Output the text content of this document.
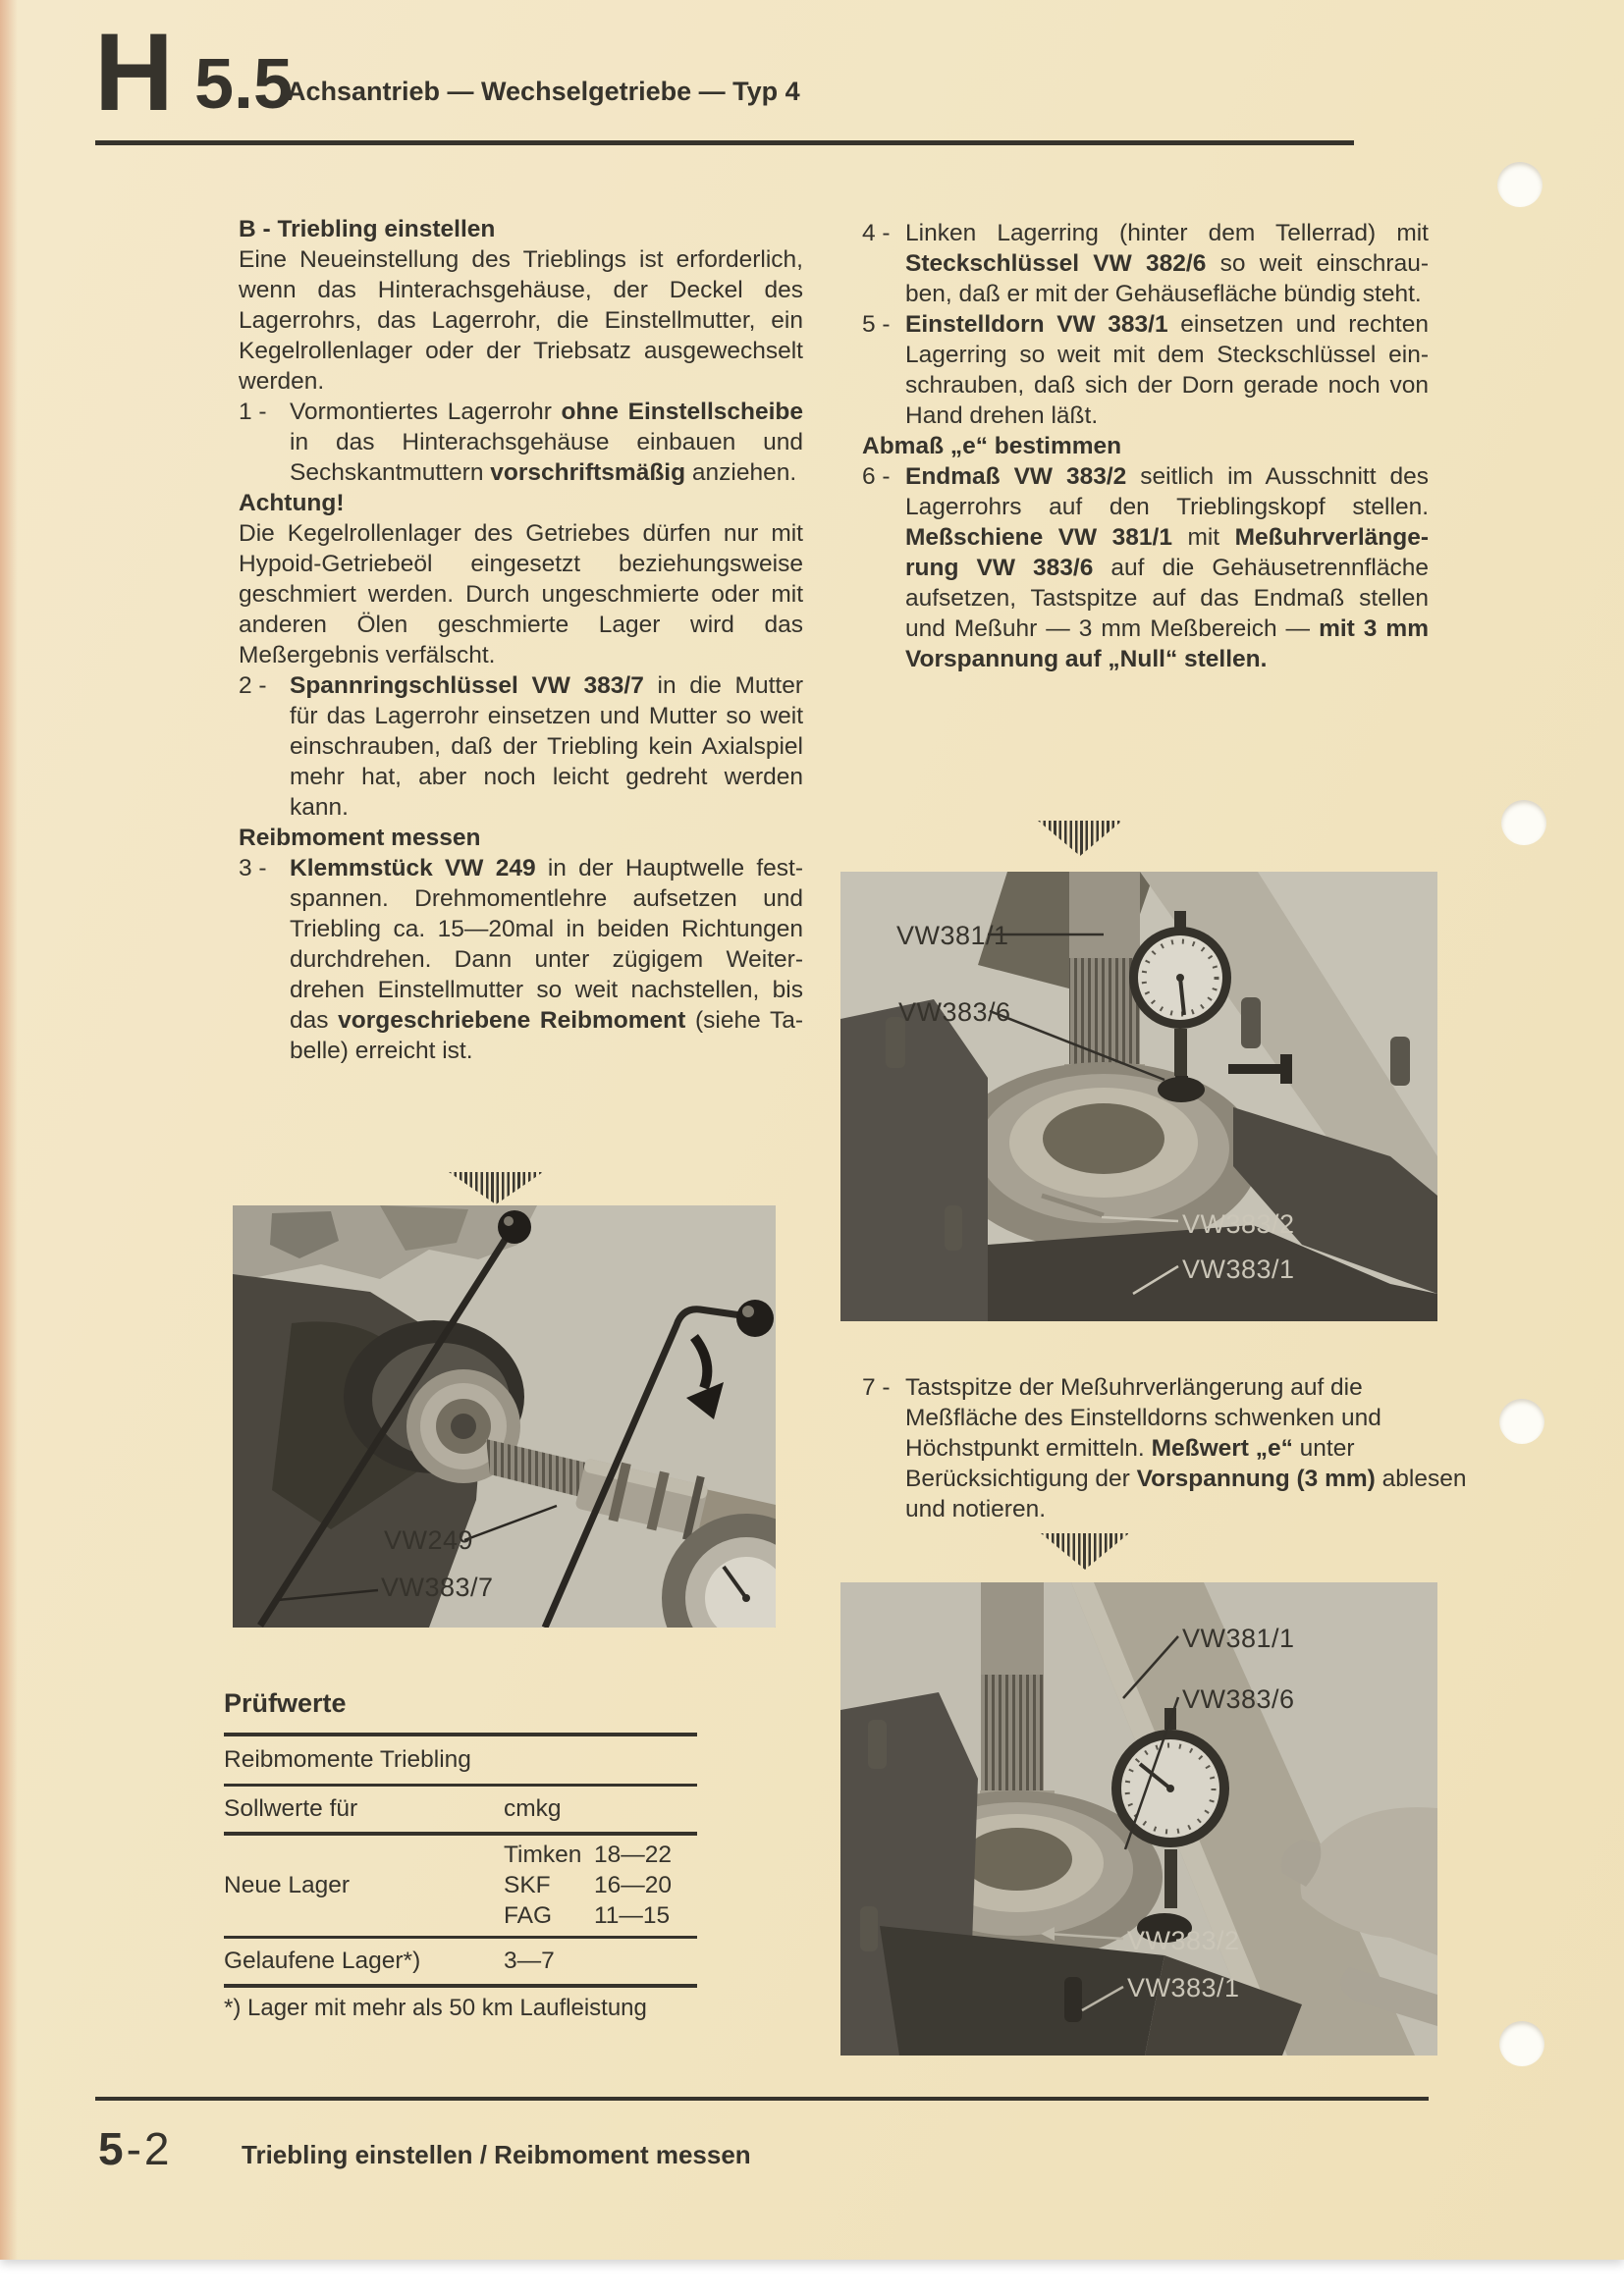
H 5.5
Achsantrieb — Wechselgetriebe — Typ 4
B - Triebling einstellen

Eine Neueinstellung des Trieblings ist erforderlich, wenn das Hinterachsgehäuse, der Deckel des Lagerrohrs, das Lagerrohr, die Einstellmutter, ein Kegelrollenlager oder der Triebsatz ausgewechselt werden.

1 - Vormontiertes Lagerrohr ohne Einstellscheibe in das Hinterachsgehäuse einbauen und Sechskantmuttern vorschriftsmäßig anziehen.

Achtung!

Die Kegelrollenlager des Getriebes dürfen nur mit Hypoid-Getriebeöl eingesetzt beziehungsweise geschmiert werden. Durch ungeschmierte oder mit anderen Ölen geschmierte Lager wird das Meßergebnis verfälscht.

2 - Spannringschlüssel VW 383/7 in die Mutter für das Lagerrohr einsetzen und Mutter so weit einschrauben, daß der Triebling kein Axialspiel mehr hat, aber noch leicht gedreht werden kann.

Reibmoment messen

3 - Klemmstück VW 249 in der Hauptwelle festspannen. Drehmomentlehre aufsetzen und Triebling ca. 15—20mal in beiden Richtungen durchdrehen. Dann unter zügigem Weiterdrehen Einstellmutter so weit nachstellen, bis das vorgeschriebene Reibmoment (siehe Tabelle) erreicht ist.

4 - Linken Lagerring (hinter dem Tellerrad) mit Steckschlüssel VW 382/6 so weit einschrauben, daß er mit der Gehäusefläche bündig steht.

5 - Einstelldorn VW 383/1 einsetzen und rechten Lagerring so weit mit dem Steckschlüssel einschrauben, daß sich der Dorn gerade noch von Hand drehen läßt.

Abmaß „e“ bestimmen

6 - Endmaß VW 383/2 seitlich im Ausschnitt des Lagerrohrs auf den Trieblingskopf stellen. Meßschiene VW 381/1 mit Meßuhrverlängerung VW 383/6 auf die Gehäusetrennfläche aufsetzen, Tastspitze auf das Endmaß stellen und Meßuhr — 3 mm Meßbereich — mit 3 mm Vorspannung auf „Null“ stellen.

7 - Tastspitze der Meßuhrverlängerung auf die Meßfläche des Einstelldorns schwenken und Höchstpunkt ermitteln. Meßwert „e“ unter Berücksichtigung der Vorspannung (3 mm) ablesen und notieren.
VW249
VW383/7
VW381/1
VW383/6
VW383/2
VW383/1
VW381/1
VW383/6
VW383/2
VW383/1
Prüfwerte
Reibmomente Triebling
Sollwerte für	cmkg
Neue Lager
Timken 18—22
SKF	16—20
FAG	11—15
Gelaufene Lager*)	3—7
*) Lager mit mehr als 50 km Laufleistung
5-2	Triebling einstellen / Reibmoment messen
